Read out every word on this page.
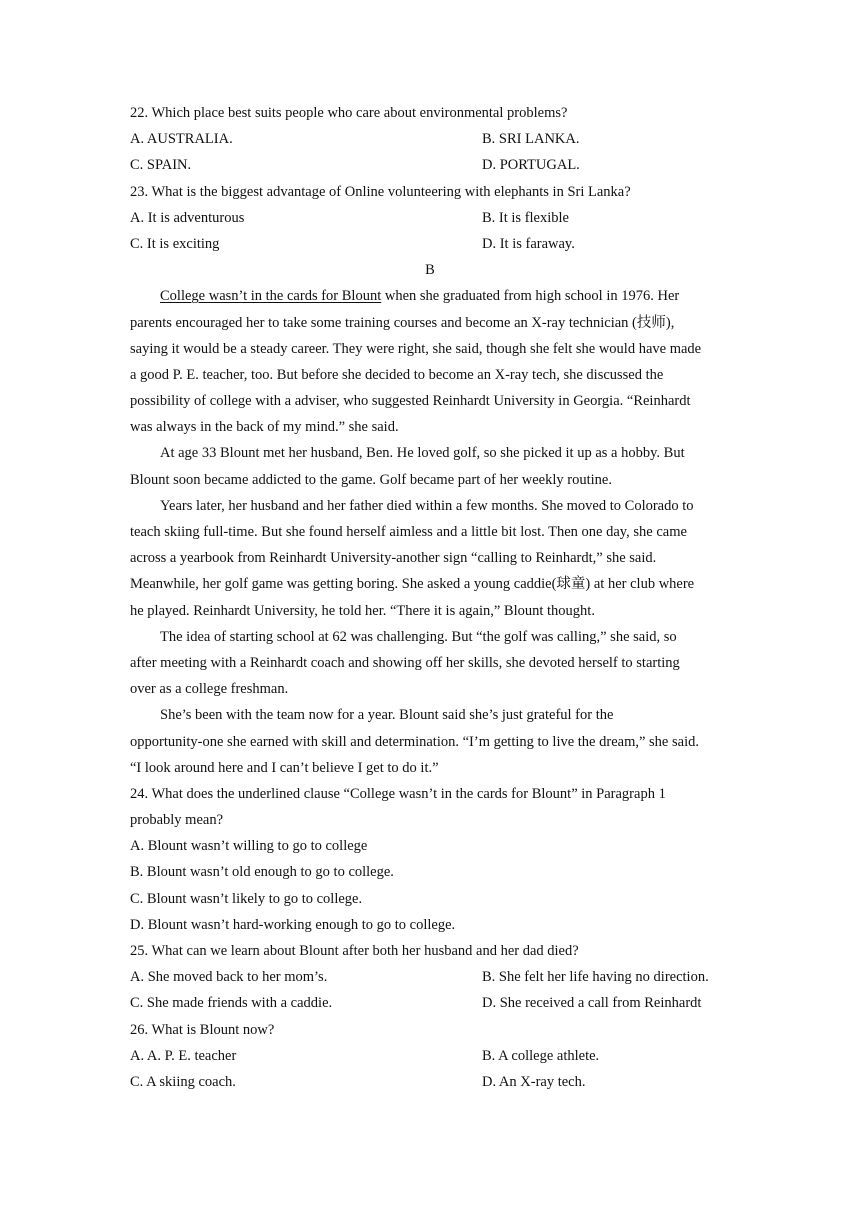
22. Which place best suits people who care about environmental problems?
A. AUSTRALIA.	B. SRI LANKA.
C. SPAIN.	D. PORTUGAL.
23. What is the biggest advantage of Online volunteering with elephants in Sri Lanka?
A. It is adventurous	B. It is flexible
C. It is exciting	D. It is faraway.
B
College wasn’t in the cards for Blount when she graduated from high school in 1976. Her
parents encouraged her to take some training courses and become an X-ray technician (技师),
saying it would be a steady career. They were right, she said, though she felt she would have made
a good P. E. teacher, too. But before she decided to become an X-ray tech, she discussed the
possibility of college with a adviser, who suggested Reinhardt University in Georgia. “Reinhardt
was always in the back of my mind.” she said.
At age 33 Blount met her husband, Ben. He loved golf, so she picked it up as a hobby. But
Blount soon became addicted to the game. Golf became part of her weekly routine.
Years later, her husband and her father died within a few months. She moved to Colorado to
teach skiing full-time. But she found herself aimless and a little bit lost. Then one day, she came
across a yearbook from Reinhardt University-another sign “calling to Reinhardt,” she said.
Meanwhile, her golf game was getting boring. She asked a young caddie(球童) at her club where
he played. Reinhardt University, he told her. “There it is again,” Blount thought.
The idea of starting school at 62 was challenging. But “the golf was calling,” she said, so
after meeting with a Reinhardt coach and showing off her skills, she devoted herself to starting
over as a college freshman.
She’s been with the team now for a year. Blount said she’s just grateful for the
opportunity-one she earned with skill and determination. “I’m getting to live the dream,” she said.
“I look around here and I can’t believe I get to do it.”
24. What does the underlined clause “College wasn’t in the cards for Blount” in Paragraph 1
probably mean?
A. Blount wasn’t willing to go to college
B. Blount wasn’t old enough to go to college.
C. Blount wasn’t likely to go to college.
D. Blount wasn’t hard-working enough to go to college.
25. What can we learn about Blount after both her husband and her dad died?
A. She moved back to her mom’s.	B. She felt her life having no direction.
C. She made friends with a caddie.	D. She received a call from Reinhardt
26. What is Blount now?
A. A. P. E. teacher	B. A college athlete.
C. A skiing coach.	D. An X-ray tech.
